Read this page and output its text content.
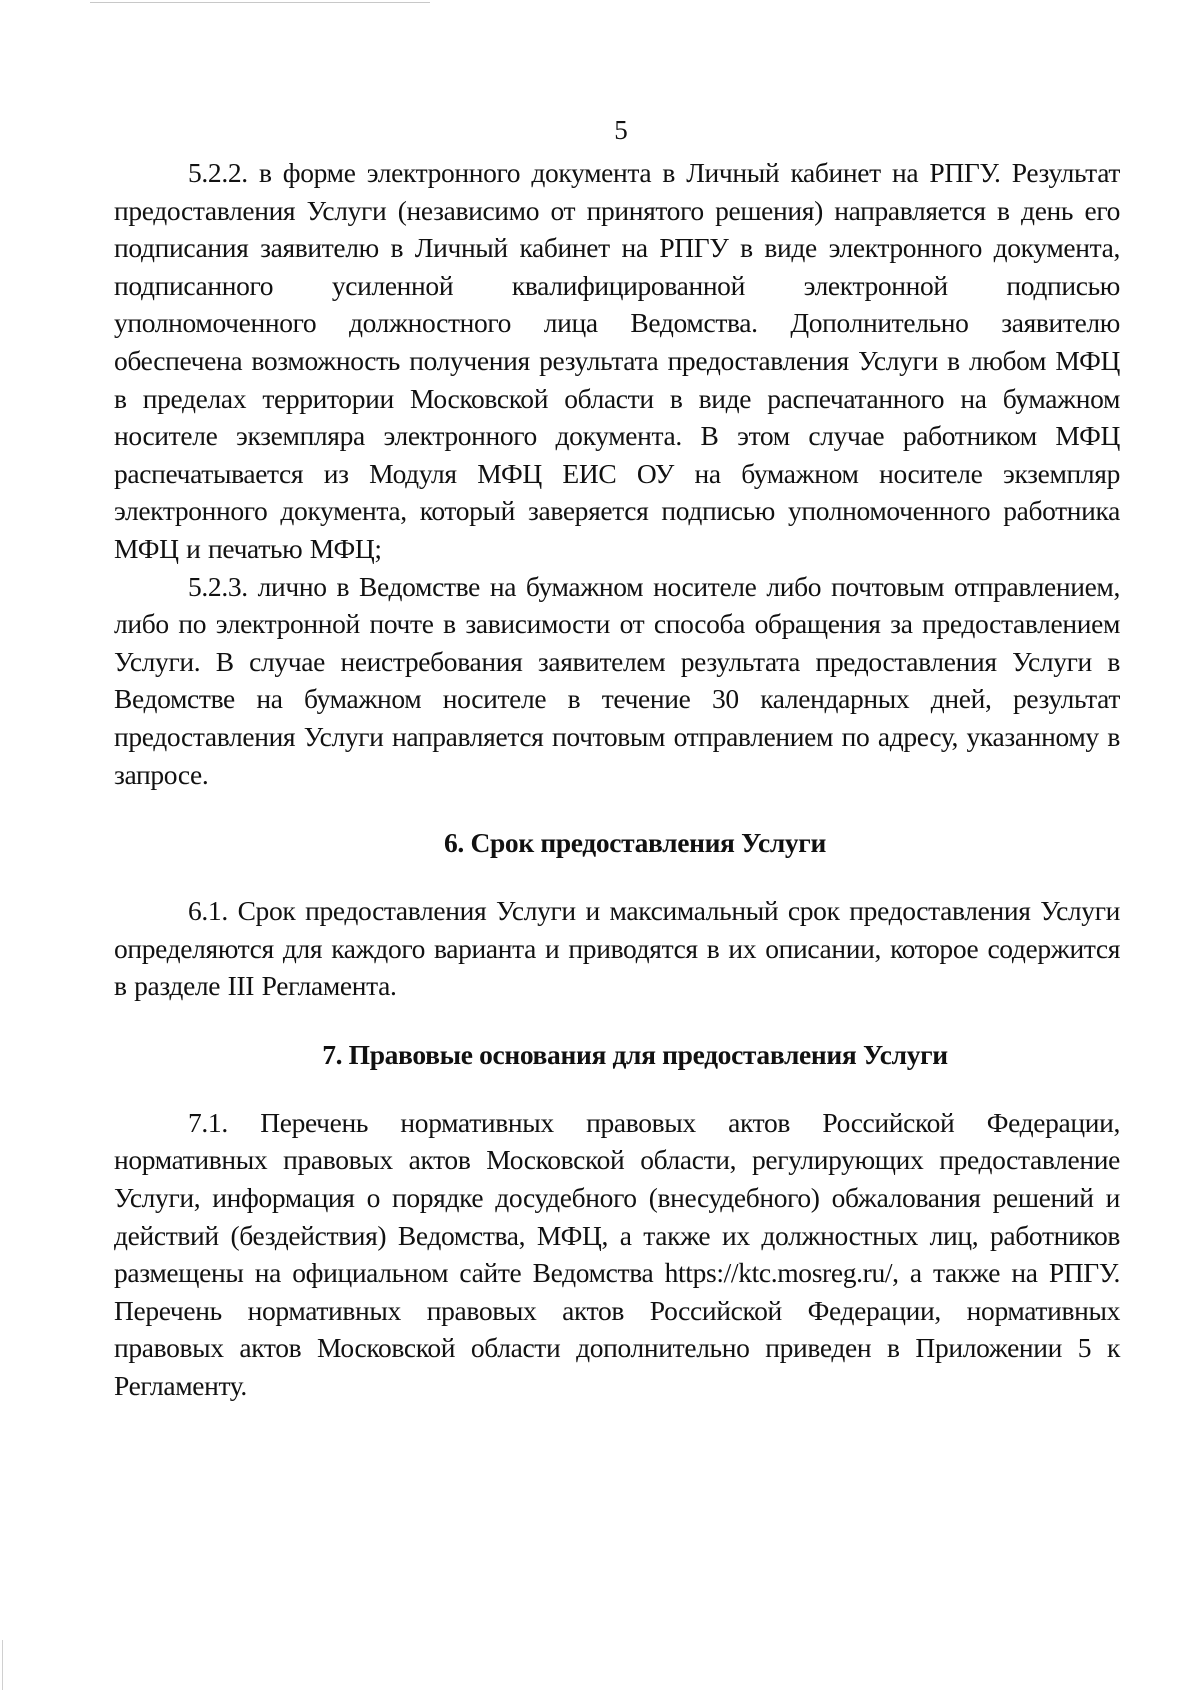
5

5.2.2. в форме электронного документа в Личный кабинет на РПГУ. Результат предоставления Услуги (независимо от принятого решения) направляется в день его подписания заявителю в Личный кабинет на РПГУ в виде электронного документа, подписанного усиленной квалифицированной электронной подписью уполномоченного должностного лица Ведомства. Дополнительно заявителю обеспечена возможность получения результата предоставления Услуги в любом МФЦ в пределах территории Московской области в виде распечатанного на бумажном носителе экземпляра электронного документа. В этом случае работником МФЦ распечатывается из Модуля МФЦ ЕИС ОУ на бумажном носителе экземпляр электронного документа, который заверяется подписью уполномоченного работника МФЦ и печатью МФЦ;

5.2.3. лично в Ведомстве на бумажном носителе либо почтовым отправлением, либо по электронной почте в зависимости от способа обращения за предоставлением Услуги. В случае неистребования заявителем результата предоставления Услуги в Ведомстве на бумажном носителе в течение 30 календарных дней, результат предоставления Услуги направляется почтовым отправлением по адресу, указанному в запросе.

6. Срок предоставления Услуги

6.1. Срок предоставления Услуги и максимальный срок предоставления Услуги определяются для каждого варианта и приводятся в их описании, которое содержится в разделе III Регламента.

7. Правовые основания для предоставления Услуги

7.1. Перечень нормативных правовых актов Российской Федерации, нормативных правовых актов Московской области, регулирующих предоставление Услуги, информация о порядке досудебного (внесудебного) обжалования решений и действий (бездействия) Ведомства, МФЦ, а также их должностных лиц, работников размещены на официальном сайте Ведомства https://ktc.mosreg.ru/, а также на РПГУ. Перечень нормативных правовых актов Российской Федерации, нормативных правовых актов Московской области дополнительно приведен в Приложении 5 к Регламенту.
